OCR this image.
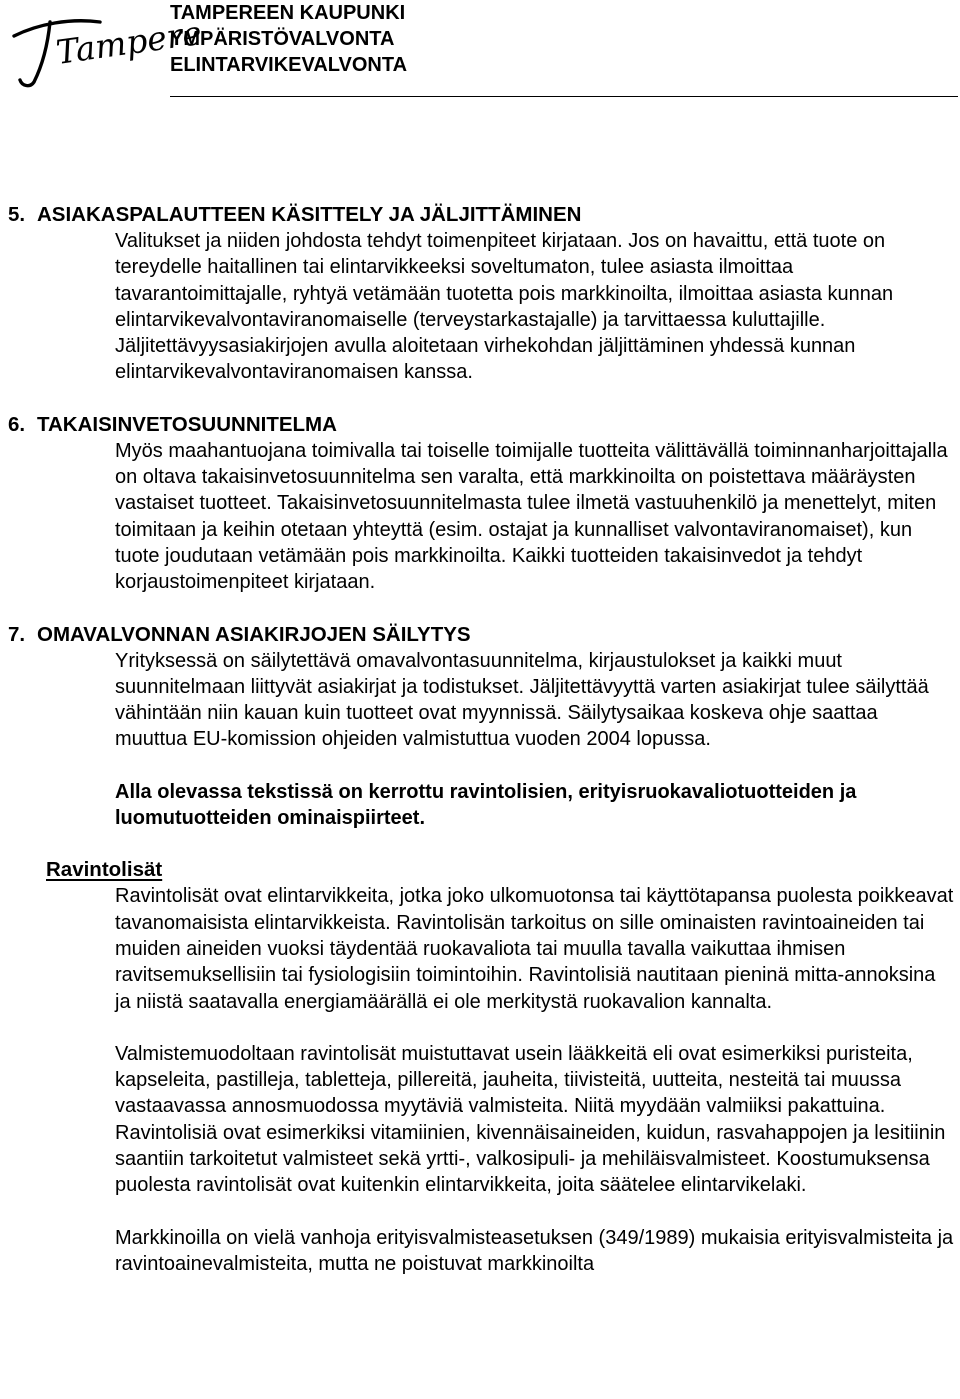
Tampere
TAMPEREEN KAUPUNKI
YMPÄRISTÖVALVONTA
ELINTARVIKEVALVONTA
5. ASIAKASPALAUTTEEN KÄSITTELY JA JÄLJITTÄMINEN

Valitukset ja niiden johdosta tehdyt toimenpiteet kirjataan. Jos on havaittu, että tuote on tereydelle haitallinen tai elintarvikkeeksi soveltumaton, tulee asiasta ilmoittaa tavarantoimittajalle, ryhtyä vetämään tuotetta pois markkinoilta, ilmoittaa asiasta kunnan elintarvikevalvontaviranomaiselle (terveystarkastajalle) ja tarvittaessa kuluttajille. Jäljitettävyysasiakirjojen avulla aloitetaan virhekohdan jäljittäminen yhdessä kunnan elintarvikevalvontaviranomaisen kanssa.

6. TAKAISINVETOSUUNNITELMA

Myös maahantuojana toimivalla tai toiselle toimijalle tuotteita välittävällä toiminnanharjoittajalla on oltava takaisinvetosuunnitelma sen varalta, että markkinoilta on poistettava määräysten vastaiset tuotteet. Takaisinvetosuunnitelmasta tulee ilmetä vastuuhenkilö ja menettelyt, miten toimitaan ja keihin otetaan yhteyttä (esim. ostajat ja kunnalliset valvontaviranomaiset), kun tuote joudutaan vetämään pois markkinoilta. Kaikki tuotteiden takaisinvedot ja tehdyt korjaustoimenpiteet kirjataan.

7. OMAVALVONNAN ASIAKIRJOJEN SÄILYTYS

Yrityksessä on säilytettävä omavalvontasuunnitelma, kirjaustulokset ja kaikki muut suunnitelmaan liittyvät asiakirjat ja todistukset. Jäljitettävyyttä varten asiakirjat tulee säilyttää vähintään niin kauan kuin tuotteet ovat myynnissä. Säilytysaikaa koskeva ohje saattaa muuttua EU-komission ohjeiden valmistuttua vuoden 2004 lopussa.

Alla olevassa tekstissä on kerrottu ravintolisien, erityisruokavaliotuotteiden ja luomutuotteiden ominaispiirteet.

Ravintolisät

Ravintolisät ovat elintarvikkeita, jotka joko ulkomuotonsa tai käyttötapansa puolesta poikkeavat tavanomaisista elintarvikkeista. Ravintolisän tarkoitus on sille ominaisten ravintoaineiden tai muiden aineiden vuoksi täydentää ruokavaliota tai muulla tavalla vaikuttaa ihmisen ravitsemuksellisiin tai fysiologisiin toimintoihin. Ravintolisiä nautitaan pieninä mitta-annoksina ja niistä saatavalla energiamäärällä ei ole merkitystä ruokavalion kannalta.

Valmistemuodoltaan ravintolisät muistuttavat usein lääkkeitä eli ovat esimerkiksi puristeita, kapseleita, pastilleja, tabletteja, pillereitä, jauheita, tiivisteitä, uutteita, nesteitä tai muussa vastaavassa annosmuodossa myytäviä valmisteita. Niitä myydään valmiiksi pakattuina. Ravintolisiä ovat esimerkiksi vitamiinien, kivennäisaineiden, kuidun, rasvahappojen ja lesitiinin saantiin tarkoitetut valmisteet sekä yrtti-, valkosipuli- ja mehiläisvalmisteet. Koostumuksensa puolesta ravintolisät ovat kuitenkin elintarvikkeita, joita säätelee elintarvikelaki.

Markkinoilla on vielä vanhoja erityisvalmisteasetuksen (349/1989) mukaisia erityisvalmisteita ja ravintoainevalmisteita, mutta ne poistuvat markkinoilta
